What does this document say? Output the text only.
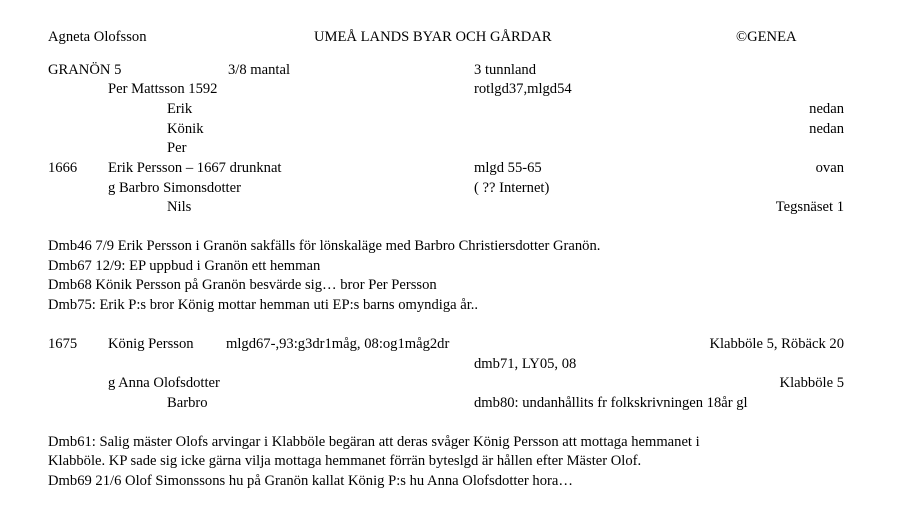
Agneta Olofsson	UMEÅ LANDS BYAR OCH GÅRDAR	©GENEA
GRANÖN 5	3/8 mantal	3 tunnland
Per Mattsson 1592	rotlgd37,mlgd54
Erik	nedan
Könik	nedan
Per
1666 Erik Persson – 1667 drunknat	mlgd 55-65	ovan
g Barbro Simonsdotter	( ?? Internet)
Nils	Tegsnäset 1
Dmb46 7/9 Erik Persson i Granön sakfälls för lönskaläge med Barbro Christiersdotter Granön.
Dmb67 12/9: EP uppbud i Granön ett hemman
Dmb68 Könik Persson på Granön besvärde sig… bror Per Persson
Dmb75: Erik P:s bror König mottar hemman uti EP:s barns omyndiga år..
1675 König Persson mlgd67-,93:g3dr1måg, 08:og1måg2dr	Klabböle 5, Röbäck 20
dmb71, LY05, 08
g Anna Olofsdotter	Klabböle 5
Barbro	dmb80: undanhållits fr folkskrivningen 18år gl
Dmb61: Salig mäster Olofs arvingar i Klabböle begäran att deras svåger König Persson att mottaga hemmanet i
Klabböle. KP sade sig icke gärna vilja mottaga hemmanet förrän byteslgd är hållen efter Mäster Olof.
Dmb69 21/6 Olof Simonssons hu på Granön kallat König P:s hu Anna Olofsdotter hora…
